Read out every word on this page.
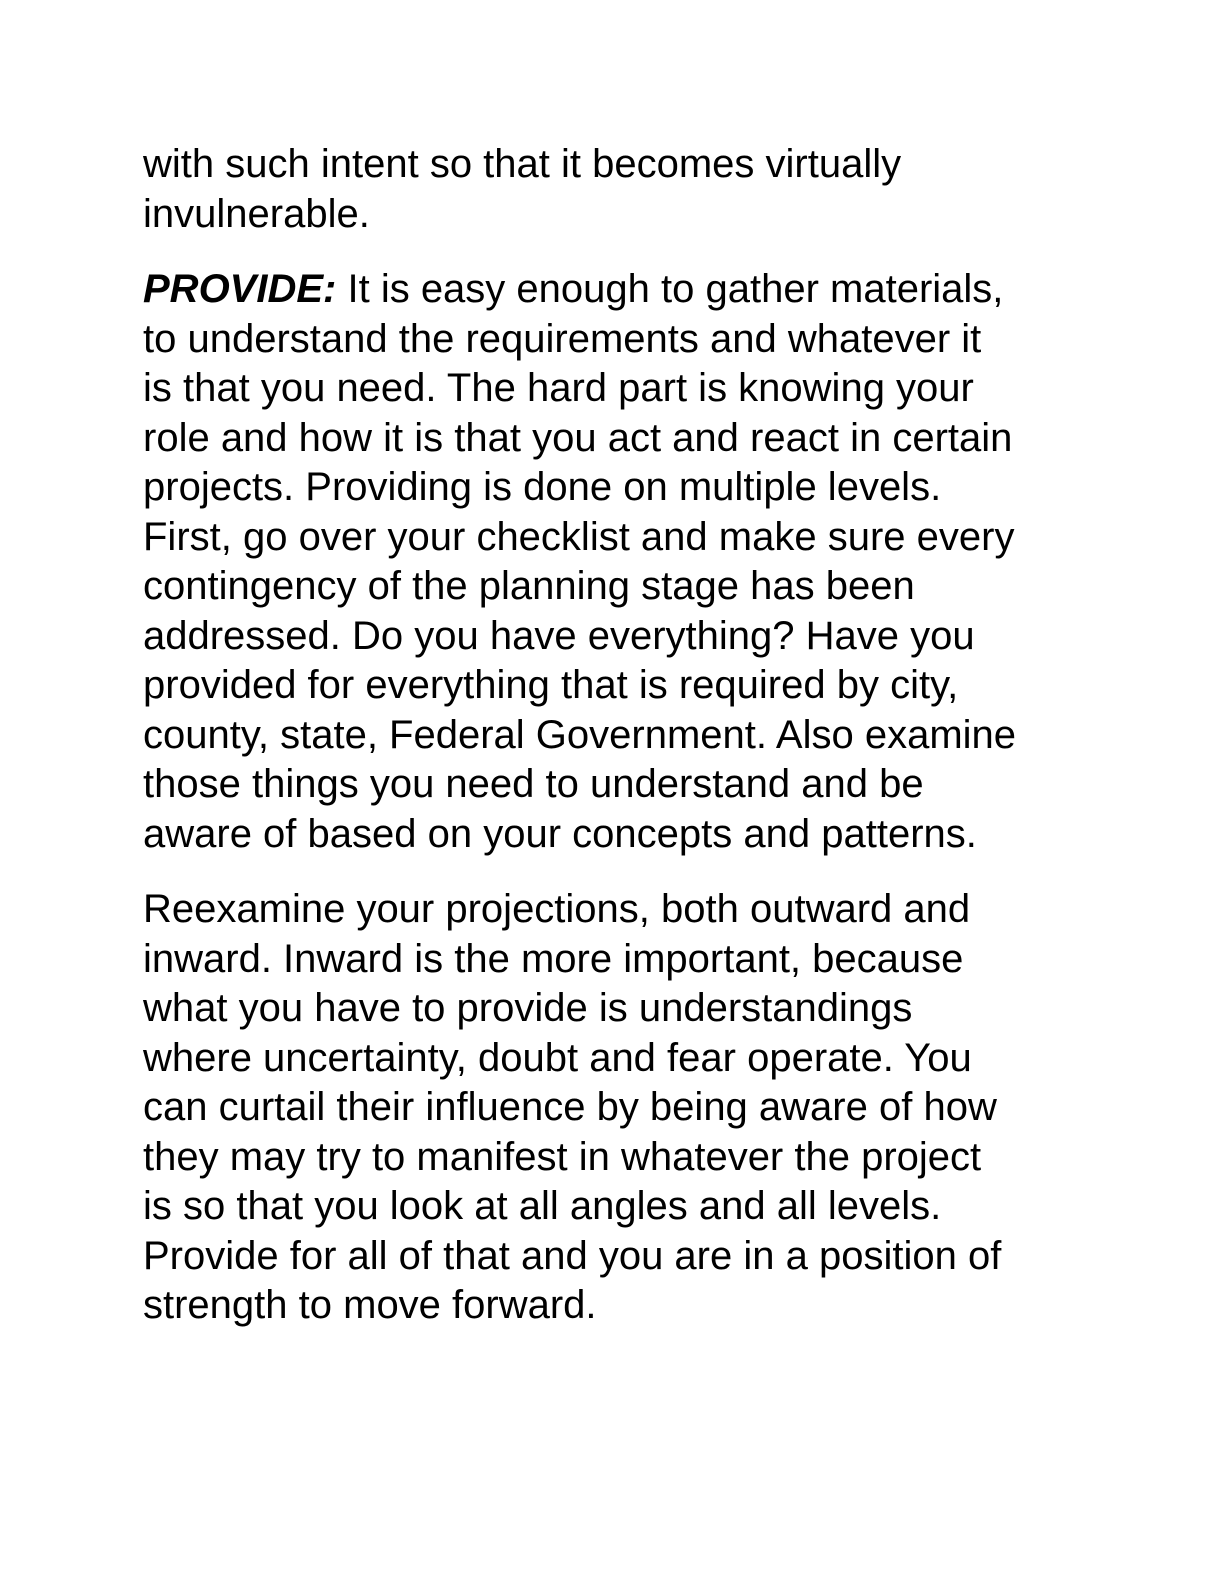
with such intent so that it becomes virtually
invulnerable.

PROVIDE: It is easy enough to gather materials,
to understand the requirements and whatever it
is that you need. The hard part is knowing your
role and how it is that you act and react in certain
projects. Providing is done on multiple levels.
First, go over your checklist and make sure every
contingency of the planning stage has been
addressed. Do you have everything? Have you
provided for everything that is required by city,
county, state, Federal Government. Also examine
those things you need to understand and be
aware of based on your concepts and patterns.

Reexamine your projections, both outward and
inward. Inward is the more important, because
what you have to provide is understandings
where uncertainty, doubt and fear operate. You
can curtail their influence by being aware of how
they may try to manifest in whatever the project
is so that you look at all angles and all levels.
Provide for all of that and you are in a position of
strength to move forward.
